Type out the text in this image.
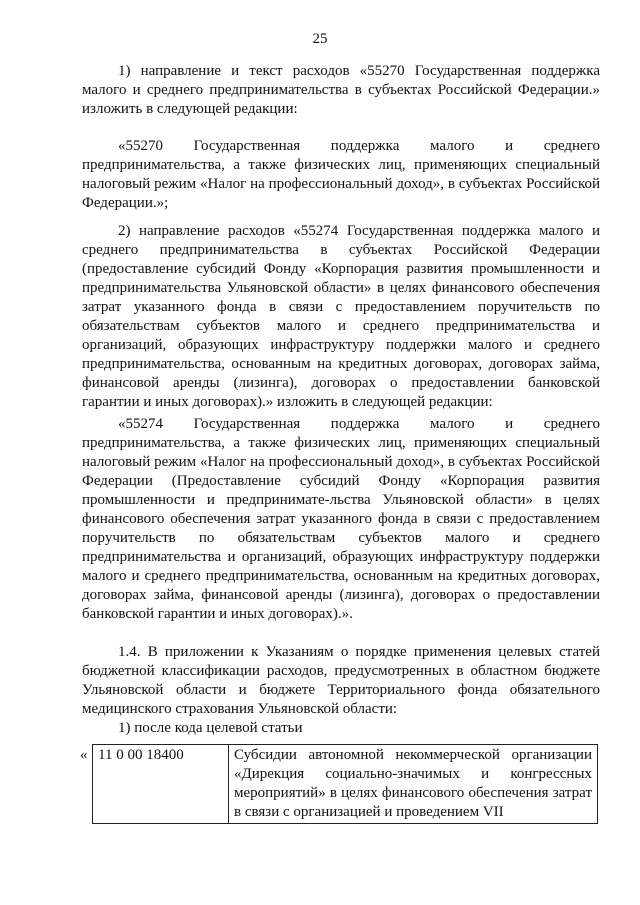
25
1) направление и текст расходов «55270 Государственная поддержка малого и среднего предпринимательства в субъектах Российской Федерации.» изложить в следующей редакции:
«55270 Государственная поддержка малого и среднего предпринимательства, а также физических лиц, применяющих специальный налоговый режим «Налог на профессиональный доход», в субъектах Российской Федерации.»;
2) направление расходов «55274 Государственная поддержка малого и среднего предпринимательства в субъектах Российской Федерации (предоставление субсидий Фонду «Корпорация развития промышленности и предпринимательства Ульяновской области» в целях финансового обеспечения затрат указанного фонда в связи с предоставлением поручительств по обязательствам субъектов малого и среднего предпринимательства и организаций, образующих инфраструктуру поддержки малого и среднего предпринимательства, основанным на кредитных договорах, договорах займа, финансовой аренды (лизинга), договорах о предоставлении банковской гарантии и иных договорах).» изложить в следующей редакции:
«55274 Государственная поддержка малого и среднего предпринимательства, а также физических лиц, применяющих специальный налоговый режим «Налог на профессиональный доход», в субъектах Российской Федерации (Предоставление субсидий Фонду «Корпорация развития промышленности и предпринимате-льства Ульяновской области» в целях финансового обеспечения затрат указанного фонда в связи с предоставлением поручительств по обязательствам субъектов малого и среднего предпринимательства и организаций, образующих инфраструктуру поддержки малого и среднего предпринимательства, основанным на кредитных договорах, договорах займа, финансовой аренды (лизинга), договорах о предоставлении банковской гарантии и иных договорах).».
1.4. В приложении к Указаниям о порядке применения целевых статей бюджетной классификации расходов, предусмотренных в областном бюджете Ульяновской области и бюджете Территориального фонда обязательного медицинского страхования Ульяновской области:
1) после кода целевой статьи
« 11 0 00 18400	Субсидии автономной некоммерческой организации «Дирекция социально-значимых и конгрессных мероприятий» в целях финансового обеспечения затрат в связи с организацией и проведением VII
